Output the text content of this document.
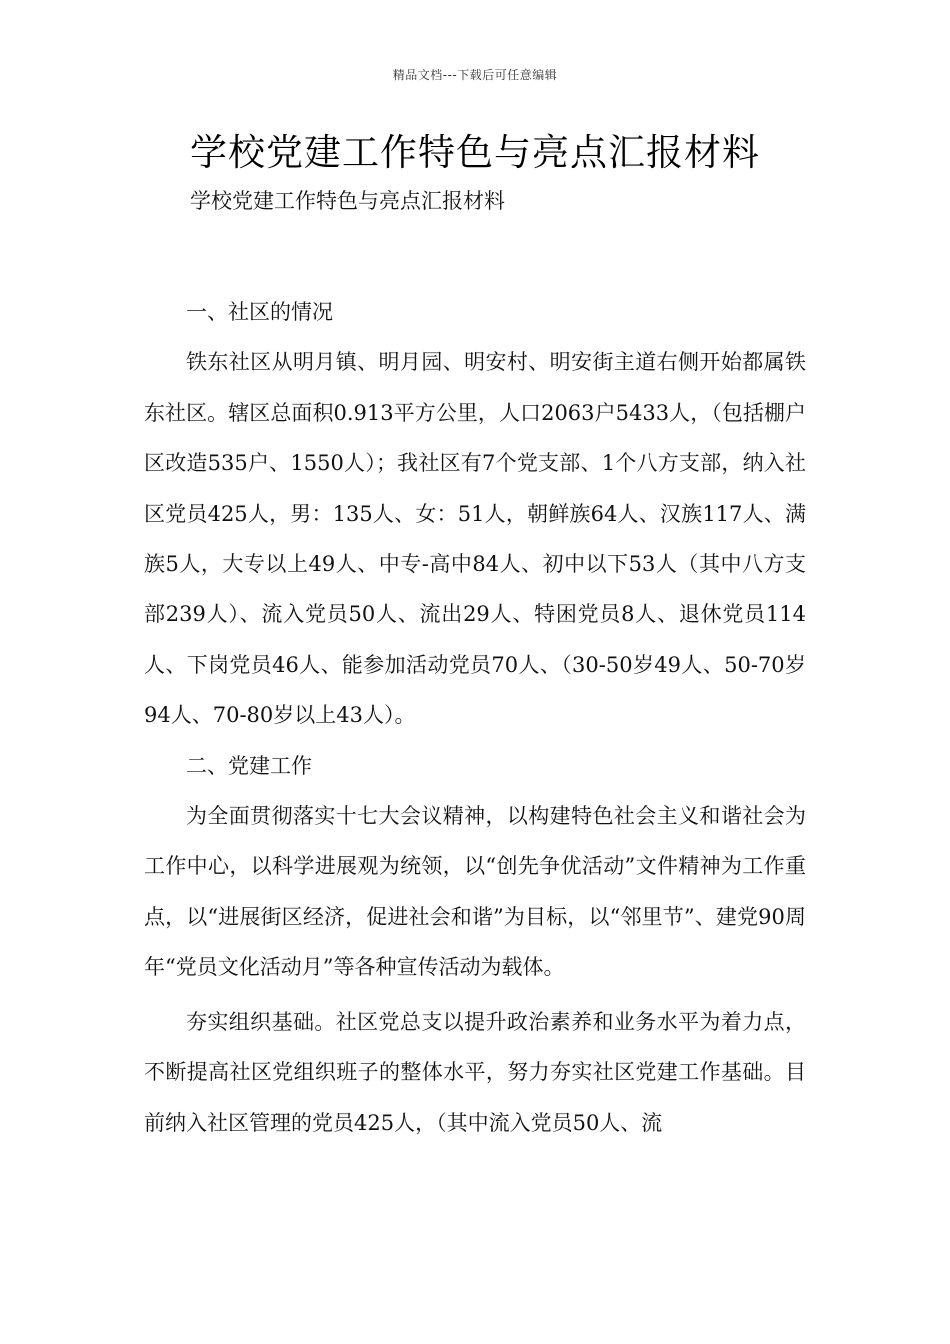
精品文档---下载后可任意编辑
学校党建工作特色与亮点汇报材料
学校党建工作特色与亮点汇报材料

一、社区的情况

铁东社区从明月镇、明月园、明安村、明安街主道右侧开始都属铁东社区。辖区总面积0.913平方公里，人口2063户5433人，（包括棚户区改造535户、1550人）；我社区有7个党支部、1个八方支部，纳入社区党员425人，男：135人、女：51人，朝鲜族64人、汉族117人、满族5人，大专以上49人、中专-高中84人、初中以下53人（其中八方支部239人）、流入党员50人、流出29人、特困党员8人、退休党员114人、下岗党员46人、能参加活动党员70人、（30-50岁49人、50-70岁94人、70-80岁以上43人）。

二、党建工作

为全面贯彻落实十七大会议精神，以构建特色社会主义和谐社会为工作中心，以科学进展观为统领，以“创先争优活动”文件精神为工作重点，以“进展街区经济，促进社会和谐”为目标，以“邻里节”、建党90周年“党员文化活动月”等各种宣传活动为载体。

夯实组织基础。社区党总支以提升政治素养和业务水平为着力点，不断提高社区党组织班子的整体水平，努力夯实社区党建工作基础。目前纳入社区管理的党员425人，（其中流入党员50人、流
